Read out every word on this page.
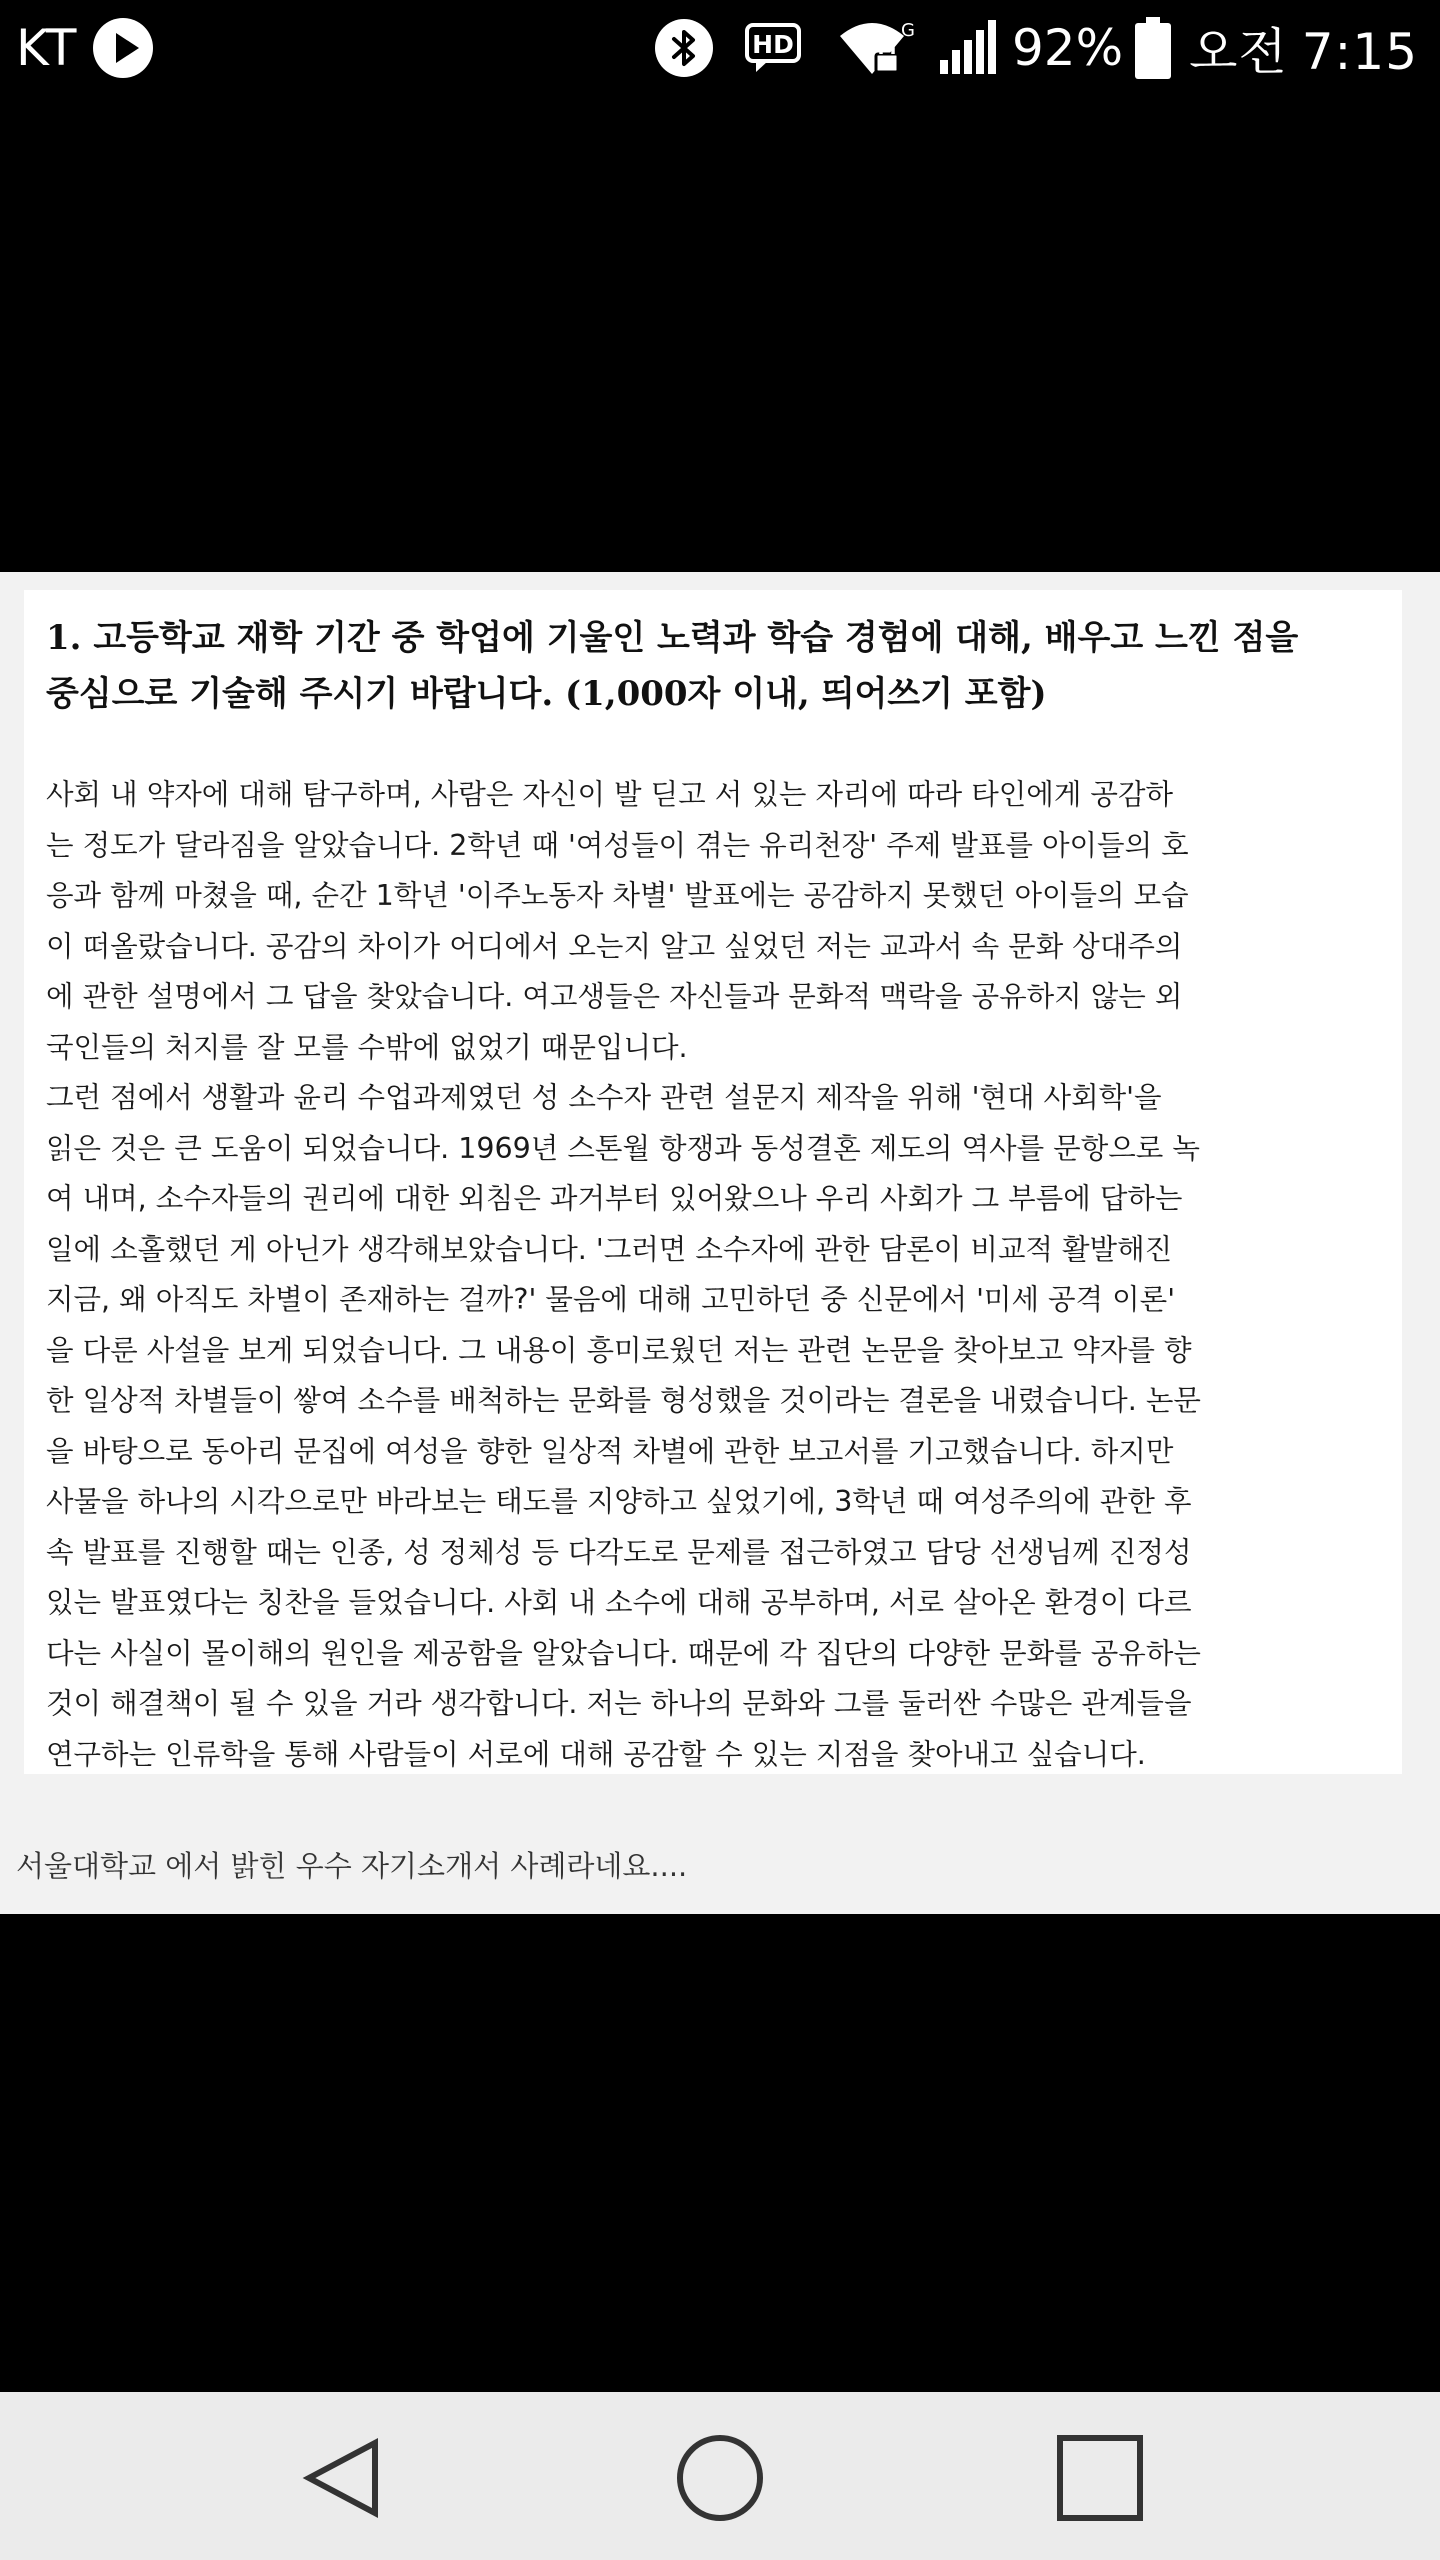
KT	HD	G 92% 오전 7:15

1. 고등학교 재학 기간 중 학업에 기울인 노력과 학습 경험에 대해, 배우고 느낀 점을
중심으로 기술해 주시기 바랍니다. (1,000자 이내, 띄어쓰기 포함)

사회 내 약자에 대해 탐구하며, 사람은 자신이 발 딛고 서 있는 자리에 따라 타인에게 공감하
는 정도가 달라짐을 알았습니다. 2학년 때 '여성들이 겪는 유리천장' 주제 발표를 아이들의 호
응과 함께 마쳤을 때, 순간 1학년 '이주노동자 차별' 발표에는 공감하지 못했던 아이들의 모습
이 떠올랐습니다. 공감의 차이가 어디에서 오는지 알고 싶었던 저는 교과서 속 문화 상대주의
에 관한 설명에서 그 답을 찾았습니다. 여고생들은 자신들과 문화적 맥락을 공유하지 않는 외
국인들의 처지를 잘 모를 수밖에 없었기 때문입니다.
그런 점에서 생활과 윤리 수업과제였던 성 소수자 관련 설문지 제작을 위해 '현대 사회학'을
읽은 것은 큰 도움이 되었습니다. 1969년 스톤월 항쟁과 동성결혼 제도의 역사를 문항으로 녹
여 내며, 소수자들의 권리에 대한 외침은 과거부터 있어왔으나 우리 사회가 그 부름에 답하는
일에 소홀했던 게 아닌가 생각해보았습니다. '그러면 소수자에 관한 담론이 비교적 활발해진
지금, 왜 아직도 차별이 존재하는 걸까?' 물음에 대해 고민하던 중 신문에서 '미세 공격 이론'
을 다룬 사설을 보게 되었습니다. 그 내용이 흥미로웠던 저는 관련 논문을 찾아보고 약자를 향
한 일상적 차별들이 쌓여 소수를 배척하는 문화를 형성했을 것이라는 결론을 내렸습니다. 논문
을 바탕으로 동아리 문집에 여성을 향한 일상적 차별에 관한 보고서를 기고했습니다. 하지만
사물을 하나의 시각으로만 바라보는 태도를 지양하고 싶었기에, 3학년 때 여성주의에 관한 후
속 발표를 진행할 때는 인종, 성 정체성 등 다각도로 문제를 접근하였고 담당 선생님께 진정성
있는 발표였다는 칭찬을 들었습니다. 사회 내 소수에 대해 공부하며, 서로 살아온 환경이 다르
다는 사실이 몰이해의 원인을 제공함을 알았습니다. 때문에 각 집단의 다양한 문화를 공유하는
것이 해결책이 될 수 있을 거라 생각합니다. 저는 하나의 문화와 그를 둘러싼 수많은 관계들을
연구하는 인류학을 통해 사람들이 서로에 대해 공감할 수 있는 지점을 찾아내고 싶습니다.
서울대학교 에서 밝힌 우수 자기소개서 사례라네요....
